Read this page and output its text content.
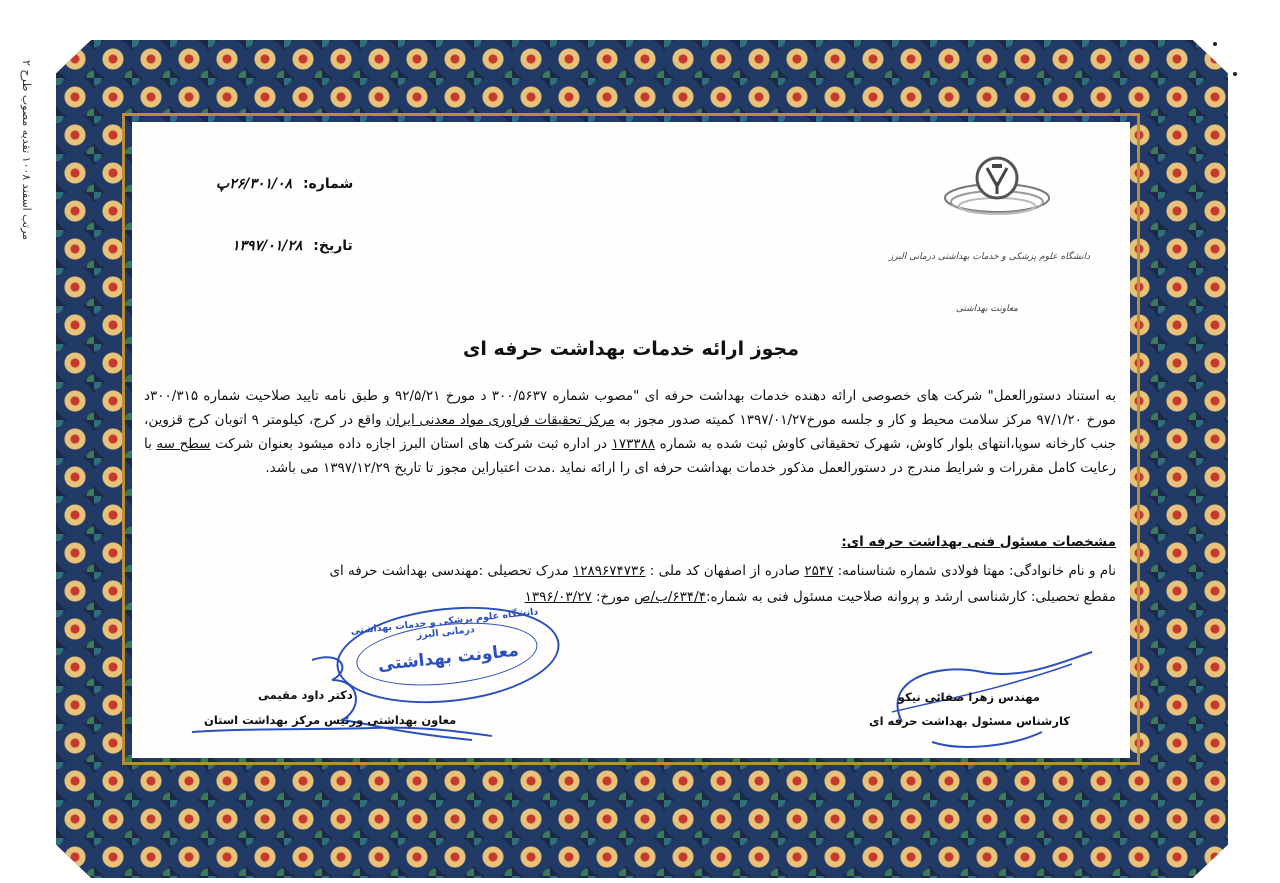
۲ مرتب اسفند ۱۰۰۸ تقدیه مصوب طرح
دانشگاه علوم پزشکی و خدمات بهداشتی درمانی البرز
معاونت بهداشتی
شماره: ۲۶/۳۰۱/۰۸پ
تاریخ: ۱۳۹۷/۰۱/۲۸
مجوز ارائه خدمات بهداشت حرفه ای
به استناد دستورالعمل" شرکت های خصوصی ارائه دهنده خدمات بهداشت حرفه ای "مصوب شماره ۳۰۰/۵۶۳۷ د مورخ ۹۲/۵/۲۱ و طبق نامه تایید صلاحیت شماره ۳۰۰/۳۱۵د مورخ ۹۷/۱/۲۰ مرکز سلامت محیط و کار و جلسه مورخ۱۳۹۷/۰۱/۲۷ کمیته صدور مجوز به مرکز تحقیقات فراوری مواد معدنی ایران واقع در کرج، کیلومتر ۹ اتوبان کرج قزوین، جنب کارخانه سوپا،انتهای بلوار کاوش، شهرک تحقیقاتی کاوش ثبت شده به شماره ۱۷۳۳۸۸ در اداره ثبت شرکت های استان البرز اجازه داده میشود بعنوان شرکت سطح سه با رعایت کامل مقررات و شرایط مندرج در دستورالعمل مذکور خدمات بهداشت حرفه ای را ارائه نماید .مدت اعتباراین مجوز تا تاریخ ۱۳۹۷/۱۲/۲۹ می باشد.
مشخصات مسئول فنی بهداشت حرفه ای:
نام و نام خانوادگی: مهتا فولادی شماره شناسنامه: ۲۵۴۷ صادره از اصفهان کد ملی : ۱۲۸۹۶۷۴۷۳۶ مدرک تحصیلی :مهندسی بهداشت حرفه ای
مقطع تحصیلی: کارشناسی ارشد و پروانه صلاحیت مسئول فنی به شماره:۶۳۴/۴/ب/ص مورخ: ۱۳۹۶/۰۳/۲۷
دانشگاه علوم پزشکی و خدمات بهداشتی درمانی البرز
معاونت بهداشتی
دکتر داود مقیمی
معاون بهداشتی ورئیس مرکز بهداشت استان
مهندس زهرا صفائی نیکو
کارشناس مسئول بهداشت حرفه ای
